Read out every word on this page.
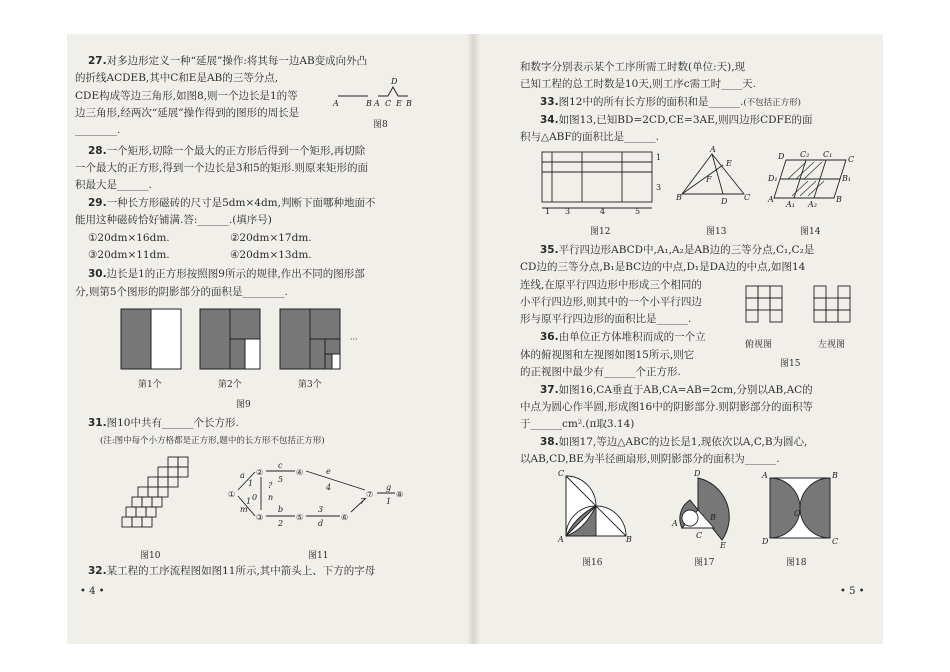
27.对多边形定义一种“延展”操作:将其每一边AB变成向外凸
的折线ACDEB,其中C和E是AB的三等分点,
CDE构成等边三角形,如图8,则一个边长是1的等
边三角形,经两次“延展”操作得到的图形的周长是
________.
A	B A C
D
E B
图8
28.一个矩形,切除一个最大的正方形后得到一个矩形,再切除
一个最大的正方形,得到一个边长是3和5的矩形.则原来矩形的面
积最大是______.
29.一种长方形磁砖的尺寸是5dm×4dm,判断下面哪种地面不
能用这种磁砖恰好铺满.答:______.(填序号)
①20dm×16dm.	②20dm×17dm.
③20dm×11dm.	④20dm×13dm.
30.边长是1的正方形按照图9所示的规律,作出不同的图形部
分,则第5个图形的阴影部分的面积是________.
···
第1个	第2个	第3个
图9
31.图10中共有______个长方形.
(注:图中每个小方格都是正方形,题中的长方形不包括正方形)
图10
①
②
③
④
⑤	⑥
⑦	⑧
a
1
c
5
e
4
b
2
?
n
0
m
1
3
d
7
g
1
图11
32.某工程的工序流程图如图11所示,其中箭头上、下方的字母
• 4 •
和数字分别表示某个工序所需工时数(单位:天),现
已知工程的总工时数是10天,则工序c需工时____天.
33.图12中的所有长方形的面积和是______.(不包括正方形)
34.如图13,已知BD=2CD,CE=3AE,则四边形CDFE的面
积与△ABF的面积比是______.
1 3	4	5
1
3
图12
A
B	C
D
E
F
图13
C₂ C₁
D
D₁	B₁
A₁ A₂
A	B
C
图14
35.平行四边形ABCD中,A₁,A₂是AB边的三等分点,C₁,C₂是
CD边的三等分点,B₁是BC边的中点,D₁是DA边的中点,如图14
连线,在原平行四边形中形成三个相同的
小平行四边形,则其中的一个小平行四边
形与原平行四边形的面积比是______.
俯视图	左视图
图15
36.由单位正方体堆积而成的一个立
体的俯视图和左视图如图15所示,则它
的正视图中最少有______个正方形.
37.如图16,CA垂直于AB,CA=AB=2cm,分别以AB,AC的
中点为圆心作半圆,形成图16中的阴影部分.则阴影部分的面积等
于______cm².(π取3.14)
38.如图17,等边△ABC的边长是1,现依次以A,C,B为圆心,
以AB,CD,BE为半径画扇形,则阴影部分的面积为______.
C
A	B
图16
D
A
B
C
E
图17
A	B
D	C
O
图18
• 5 •
